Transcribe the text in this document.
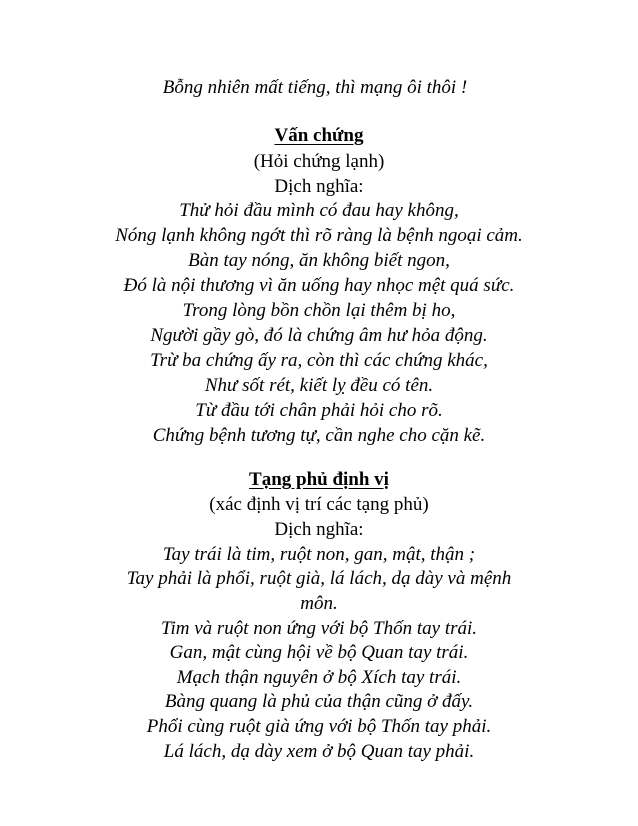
Bỗng nhiên mất tiếng, thì mạng ôi thôi !
Vấn chứng
(Hỏi chứng lạnh)
Dịch nghĩa:
Thử hỏi đầu mình có đau hay không,
Nóng lạnh không ngớt thì rõ ràng là bệnh ngoại cảm.
Bàn tay nóng, ăn không biết ngon,
Đó là nội thương vì ăn uống hay nhọc mệt quá sức.
Trong lòng bồn chồn lại thêm bị ho,
Người gầy gò, đó là chứng âm hư hỏa động.
Trừ ba chứng ấy ra, còn thì các chứng khác,
Như sốt rét, kiết lỵ đều có tên.
Từ đầu tới chân phải hỏi cho rõ.
Chứng bệnh tương tự, cần nghe cho cặn kẽ.
Tạng phủ định vị
(xác định vị trí các tạng phủ)
Dịch nghĩa:
Tay trái là tim, ruột non, gan, mật, thận ;
Tay phải là phổi, ruột già, lá lách, dạ dày và mệnh
môn.
Tim và ruột non ứng với bộ Thốn tay trái.
Gan, mật cùng hội về bộ Quan tay trái.
Mạch thận nguyên ở bộ Xích tay trái.
Bàng quang là phủ của thận cũng ở đấy.
Phổi cùng ruột già ứng với bộ Thốn tay phải.
Lá lách, dạ dày xem ở bộ Quan tay phải.
